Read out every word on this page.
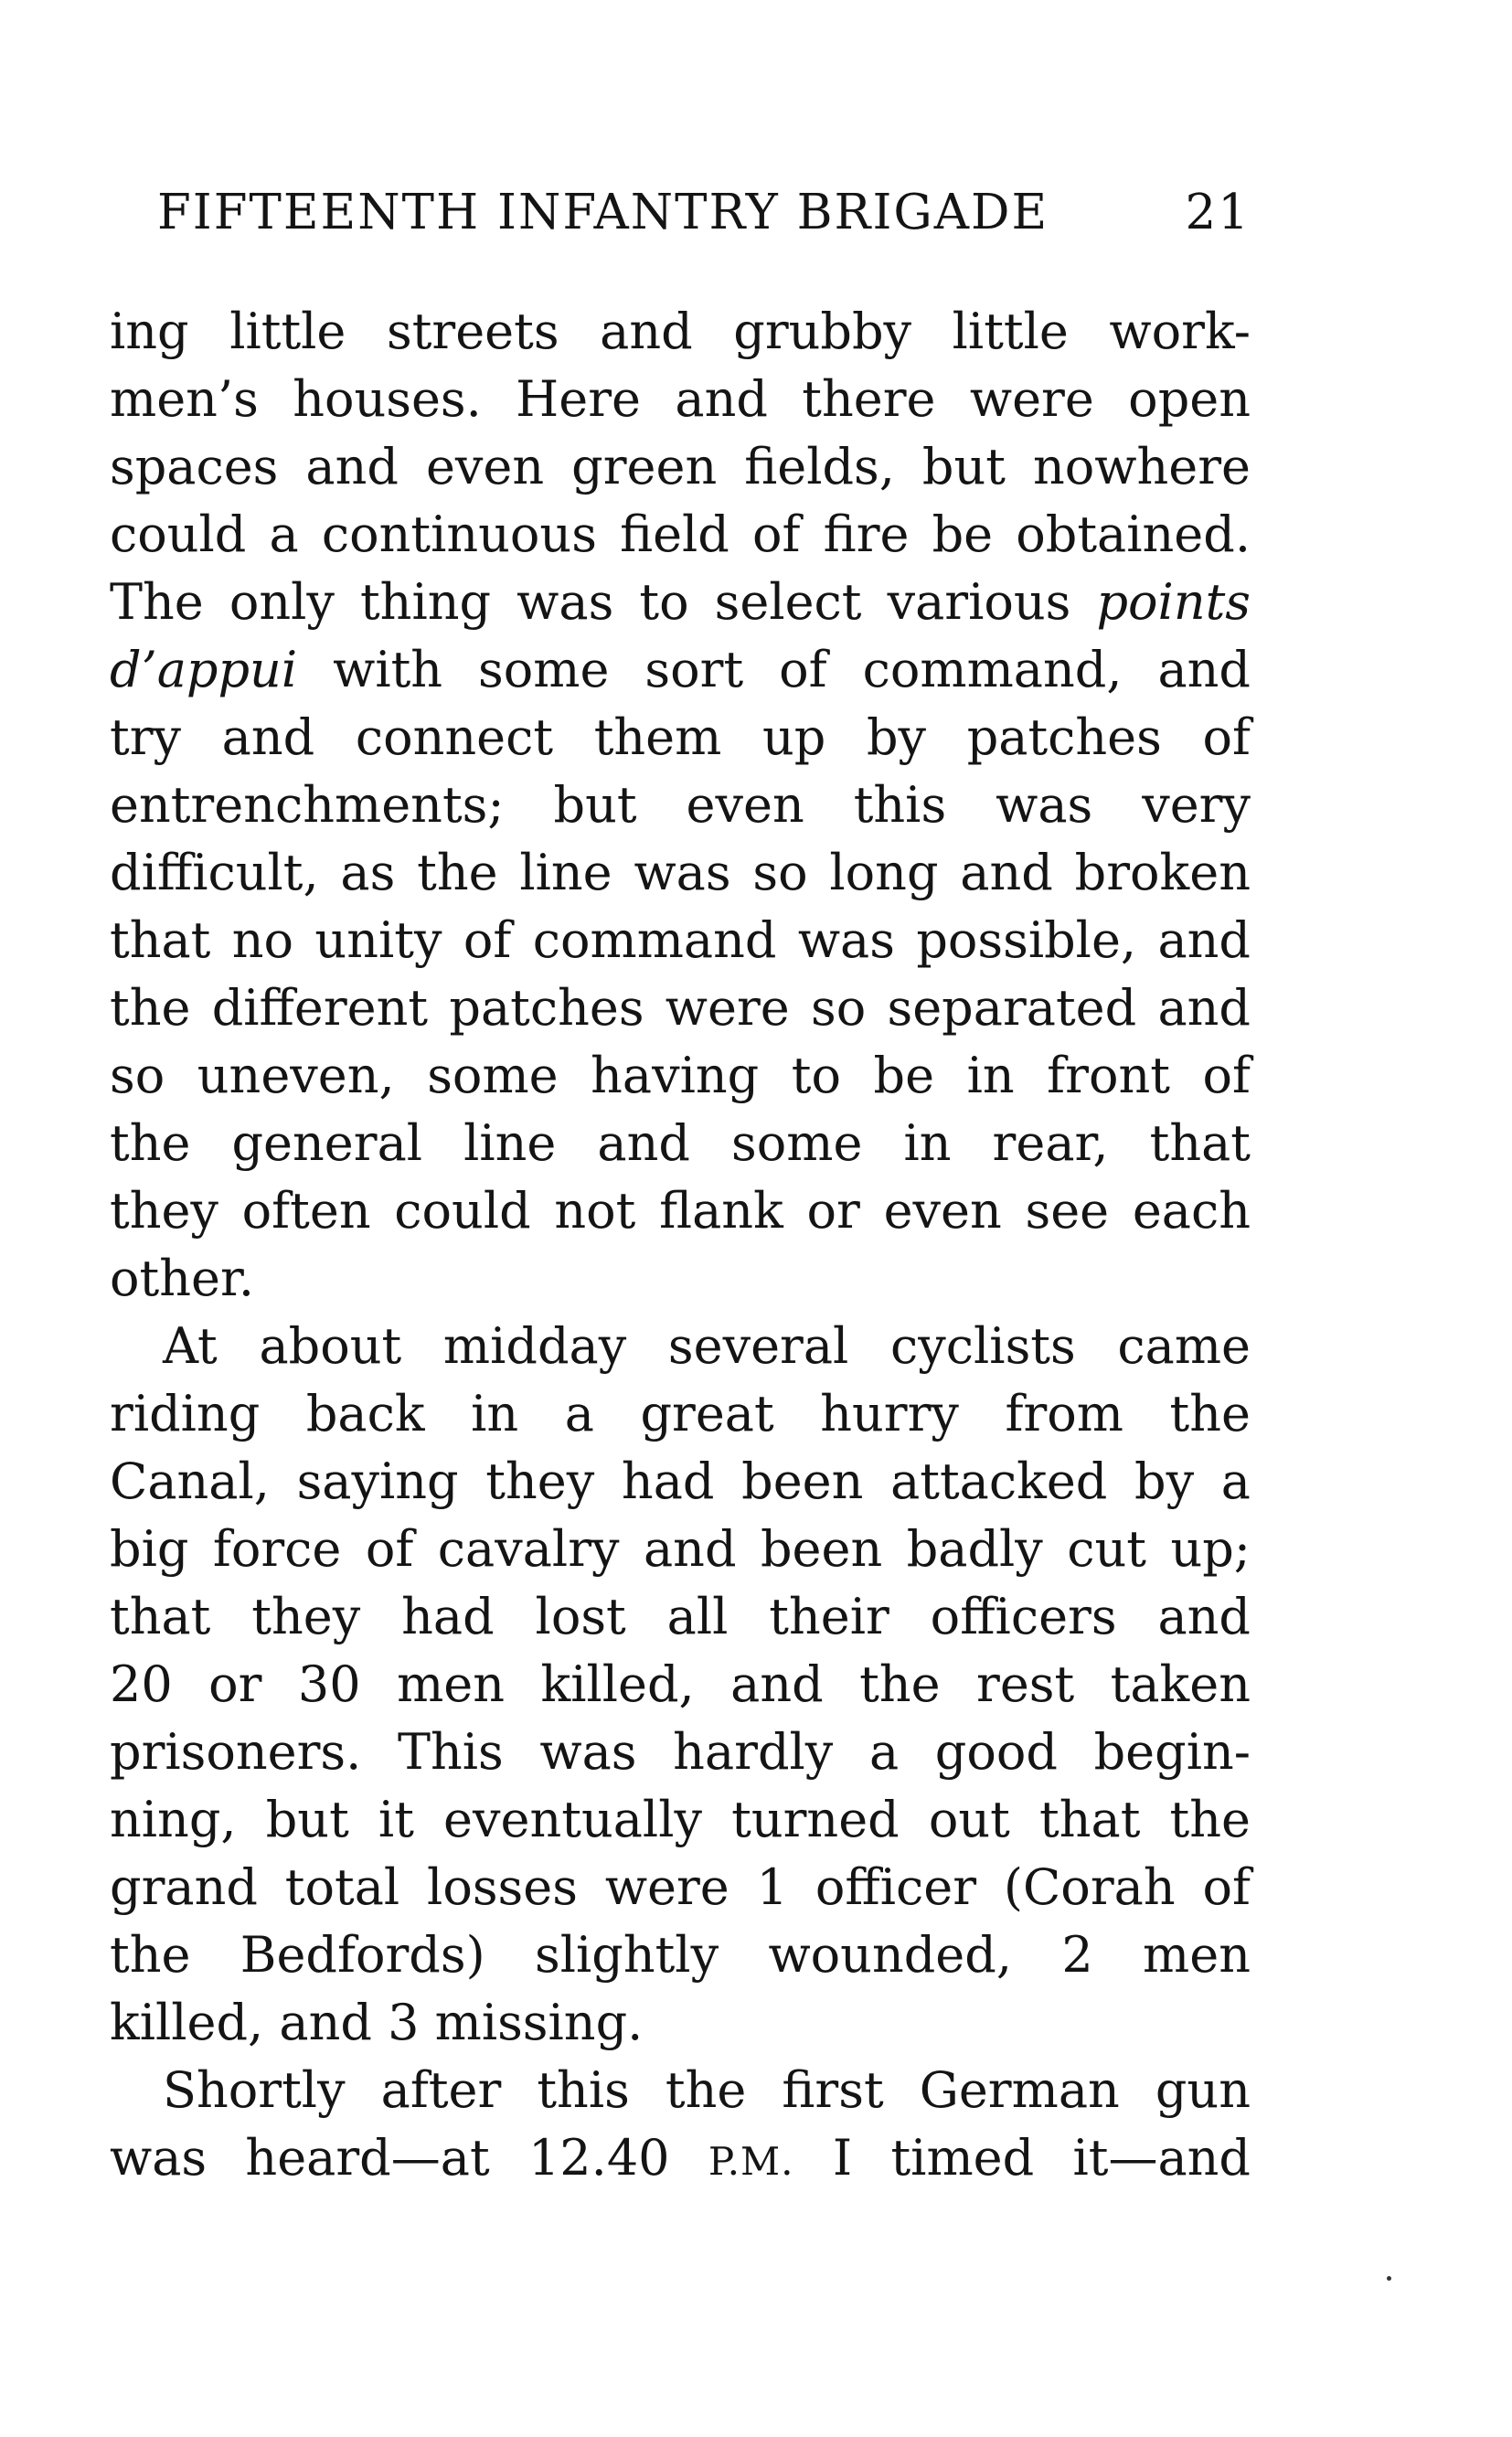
FIFTEENTH INFANTRY BRIGADE	21
ing little streets and grubby little work-
men’s houses. Here and there were open
spaces and even green fields, but nowhere
could a continuous field of fire be obtained.
The only thing was to select various points
d’appui with some sort of command, and
try and connect them up by patches of
entrenchments; but even this was very
difficult, as the line was so long and broken
that no unity of command was possible, and
the different patches were so separated and
so uneven, some having to be in front of
the general line and some in rear, that
they often could not flank or even see each
other.
At about midday several cyclists came
riding back in a great hurry from the
Canal, saying they had been attacked by a
big force of cavalry and been badly cut up;
that they had lost all their officers and
20 or 30 men killed, and the rest taken
prisoners. This was hardly a good begin-
ning, but it eventually turned out that the
grand total losses were 1 officer (Corah of
the Bedfords) slightly wounded, 2 men
killed, and 3 missing.
Shortly after this the first German gun
was heard—at 12.40 P.M. I timed it—and
